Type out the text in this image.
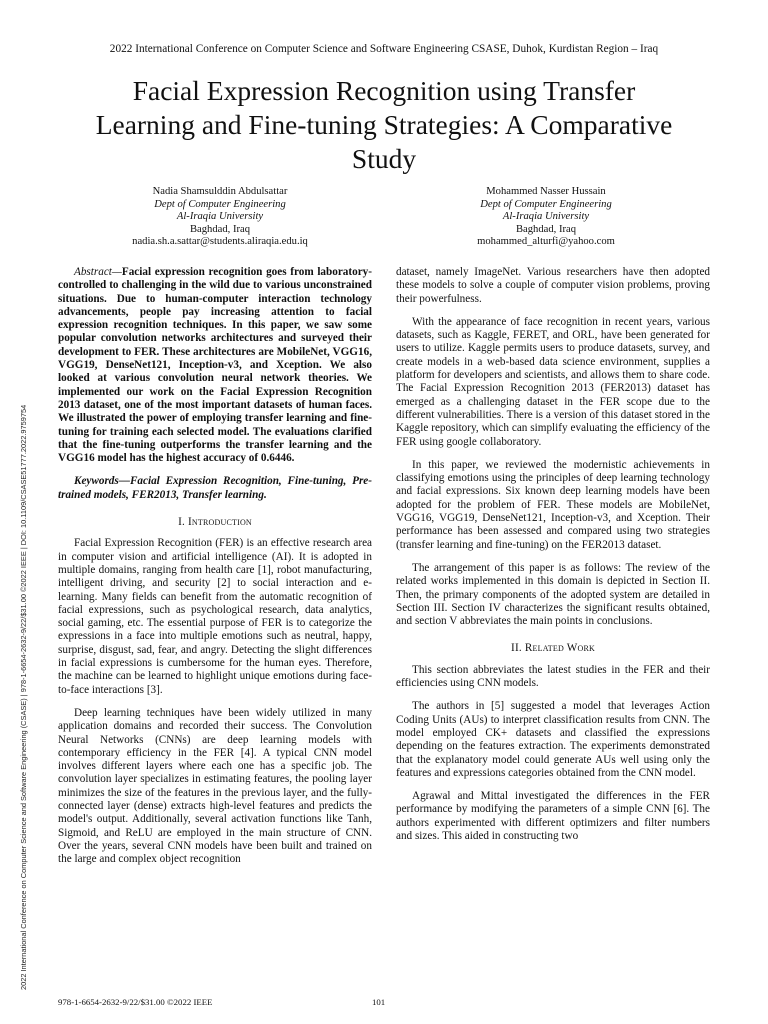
2022 International Conference on Computer Science and Software Engineering CSASE, Duhok, Kurdistan Region – Iraq
Facial Expression Recognition using Transfer
Learning and Fine-tuning Strategies: A Comparative
Study
Nadia Shamsulddin Abdulsattar
Dept of Computer Engineering
Al-Iraqia University
Baghdad, Iraq
nadia.sh.a.sattar@students.aliraqia.edu.iq
Mohammed Nasser Hussain
Dept of Computer Engineering
Al-Iraqia University
Baghdad, Iraq
mohammed_alturfi@yahoo.com
2022 International Conference on Computer Science and Software Engineering (CSASE) | 978-1-6654-2632-9/22/$31.00 ©2022 IEEE | DOI: 10.1109/CSASE51777.2022.9759754

Abstract—Facial expression recognition goes from laboratory-controlled to challenging in the wild due to various unconstrained situations. Due to human-computer interaction technology advancements, people pay increasing attention to facial expression recognition techniques. In this paper, we saw some popular convolution networks architectures and surveyed their development to FER. These architectures are MobileNet, VGG16, VGG19, DenseNet121, Inception-v3, and Xception. We also looked at various convolution neural network theories. We implemented our work on the Facial Expression Recognition 2013 dataset, one of the most important datasets of human faces. We illustrated the power of employing transfer learning and fine-tuning for training each selected model. The evaluations clarified that the fine-tuning outperforms the transfer learning and the VGG16 model has the highest accuracy of 0.6446.

Keywords—Facial Expression Recognition, Fine-tuning, Pre-trained models, FER2013, Transfer learning.

I. Introduction

Facial Expression Recognition (FER) is an effective research area in computer vision and artificial intelligence (AI). It is adopted in multiple domains, ranging from health care [1], robot manufacturing, intelligent driving, and security [2] to social interaction and e-learning. Many fields can benefit from the automatic recognition of facial expressions, such as psychological research, data analytics, social gaming, etc. The essential purpose of FER is to categorize the expressions in a face into multiple emotions such as neutral, happy, surprise, disgust, sad, fear, and angry. Detecting the slight differences in facial expressions is cumbersome for the human eyes. Therefore, the machine can be learned to highlight unique emotions during face-to-face interactions [3].

Deep learning techniques have been widely utilized in many application domains and recorded their success. The Convolution Neural Networks (CNNs) are deep learning models with contemporary efficiency in the FER [4]. A typical CNN model involves different layers where each one has a specific job. The convolution layer specializes in estimating features, the pooling layer minimizes the size of the features in the previous layer, and the fully-connected layer (dense) extracts high-level features and predicts the model's output. Additionally, several activation functions like Tanh, Sigmoid, and ReLU are employed in the main structure of CNN. Over the years, several CNN models have been built and trained on the large and complex object recognition

dataset, namely ImageNet. Various researchers have then adopted these models to solve a couple of computer vision problems, proving their powerfulness.

With the appearance of face recognition in recent years, various datasets, such as Kaggle, FERET, and ORL, have been generated for users to utilize. Kaggle permits users to produce datasets, survey, and create models in a web-based data science environment, supplies a platform for developers and scientists, and allows them to share code. The Facial Expression Recognition 2013 (FER2013) dataset has emerged as a challenging dataset in the FER scope due to the different vulnerabilities. There is a version of this dataset stored in the Kaggle repository, which can simplify evaluating the efficiency of the FER using google collaboratory.

In this paper, we reviewed the modernistic achievements in classifying emotions using the principles of deep learning technology and facial expressions. Six known deep learning models have been adopted for the problem of FER. These models are MobileNet, VGG16, VGG19, DenseNet121, Inception-v3, and Xception. Their performance has been assessed and compared using two strategies (transfer learning and fine-tuning) on the FER2013 dataset.

The arrangement of this paper is as follows: The review of the related works implemented in this domain is depicted in Section II. Then, the primary components of the adopted system are detailed in Section III. Section IV characterizes the significant results obtained, and section V abbreviates the main points in conclusions.

II. Related Work

This section abbreviates the latest studies in the FER and their efficiencies using CNN models.

The authors in [5] suggested a model that leverages Action Coding Units (AUs) to interpret classification results from CNN. The model employed CK+ datasets and classified the expressions depending on the features extraction. The experiments demonstrated that the explanatory model could generate AUs well using only the features and expressions categories obtained from the CNN model.

Agrawal and Mittal investigated the differences in the FER performance by modifying the parameters of a simple CNN [6]. The authors experimented with different optimizers and filter numbers and sizes. This aided in constructing two

978-1-6654-2632-9/22/$31.00 ©2022 IEEE	101
